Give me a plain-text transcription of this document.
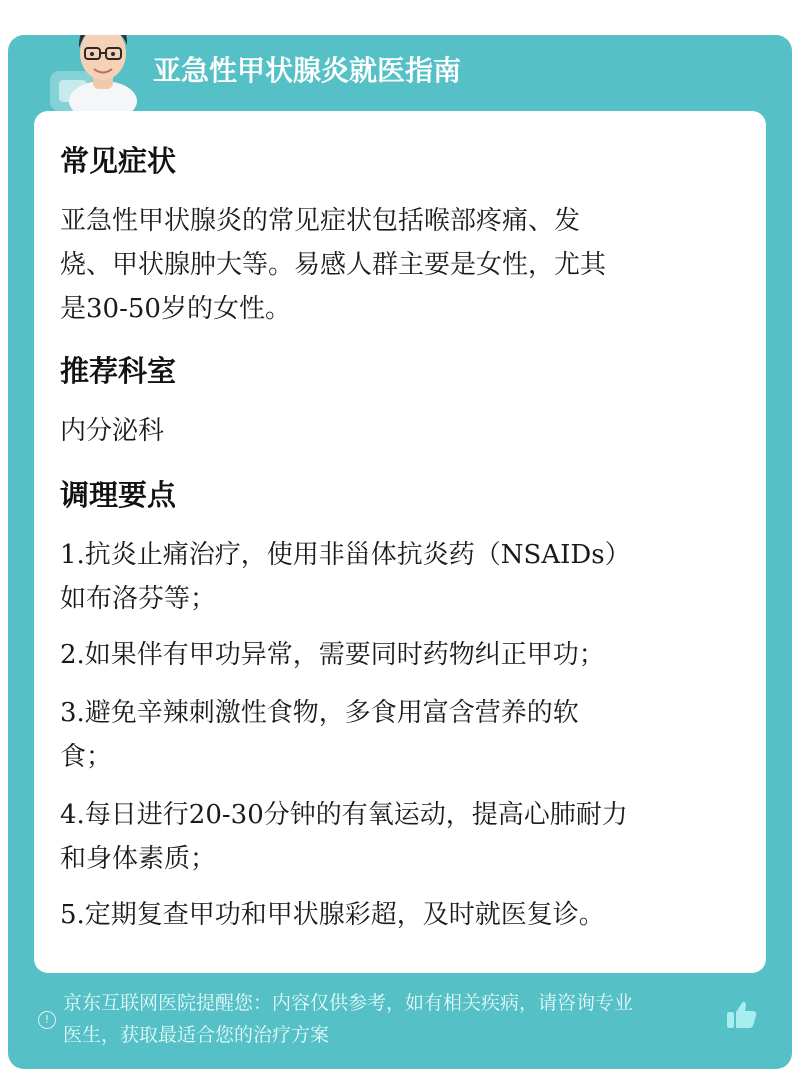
亚急性甲状腺炎就医指南
常见症状
亚急性甲状腺炎的常见症状包括喉部疼痛、发
烧、甲状腺肿大等。易感人群主要是女性，尤其
是30-50岁的女性。
推荐科室
内分泌科
调理要点
1.抗炎止痛治疗，使用非甾体抗炎药（NSAIDs）
如布洛芬等；
2.如果伴有甲功异常，需要同时药物纠正甲功；
3.避免辛辣刺激性食物，多食用富含营养的软
食；
4.每日进行20-30分钟的有氧运动，提高心肺耐力
和身体素质；
5.定期复查甲功和甲状腺彩超，及时就医复诊。
!
京东互联网医院提醒您：内容仅供参考，如有相关疾病，请咨询专业
医生，获取最适合您的治疗方案
